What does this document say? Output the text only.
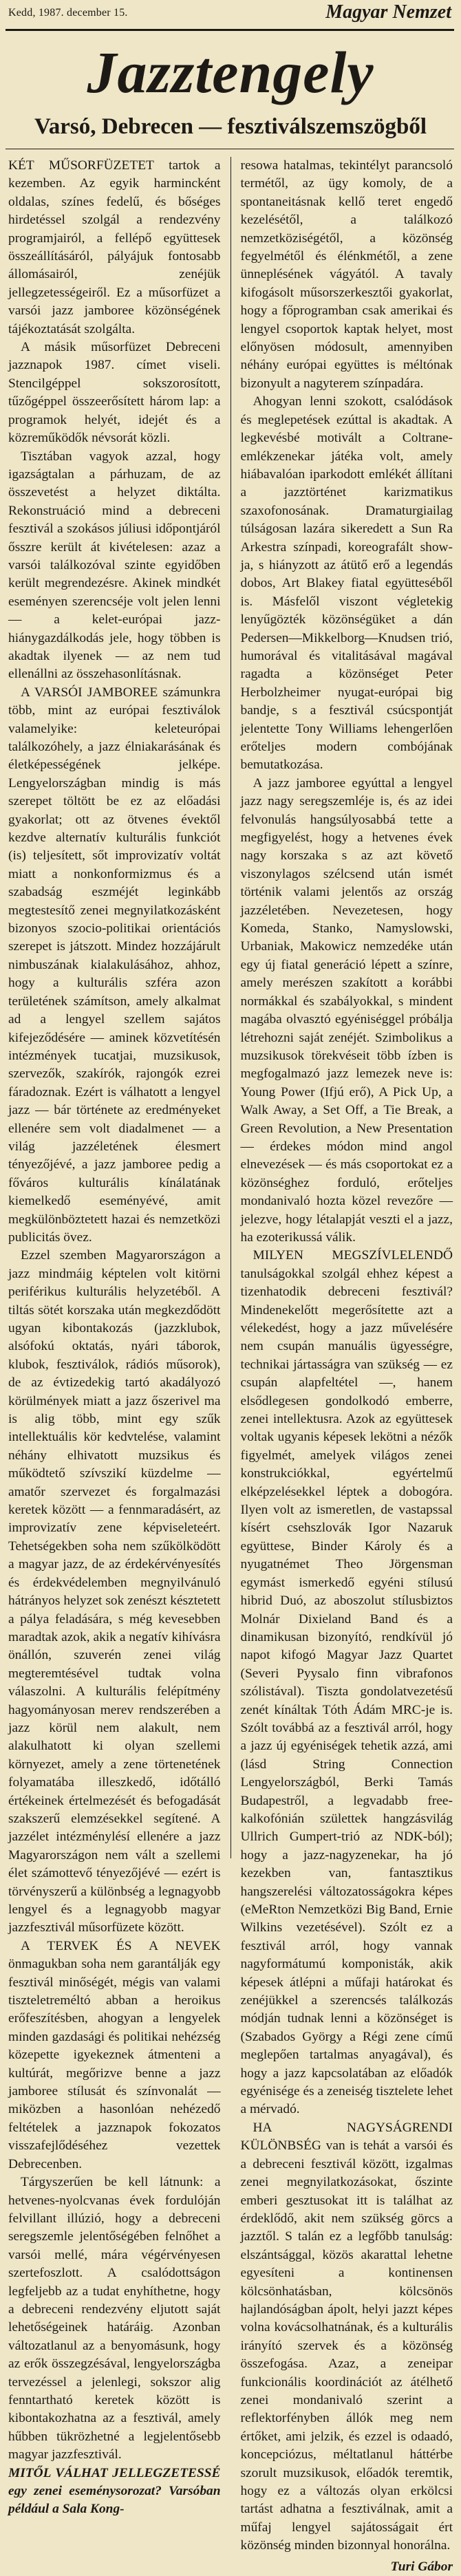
Kedd, 1987. december 15.	Magyar Nemzet
Jazztengely
Varsó, Debrecen — fesztiválszemszögből

KÉT MŰSORFÜZETET tartok a kezemben. Az egyik harmincként oldalas, színes fedelű, és bőséges hirdetéssel szolgál a rendezvény programjairól, a fellépő együttesek összeállításáról, pályájuk fontosabb állomásairól, zenéjük jellegzetességeiről. Ez a műsorfüzet a varsói jazz jamboree közönségének tájékoztatását szolgálta.

A másik műsorfüzet Debreceni jazznapok 1987. címet viseli. Stencilgéppel sokszorosított, tűzőgéppel összeerősített három lap: a programok helyét, idejét és a közreműködők névsorát közli.

Tisztában vagyok azzal, hogy igazságtalan a párhuzam, de az összevetést a helyzet diktálta. Rekonstruáció mind a debreceni fesztivál a szokásos júliusi időpontjáról ősszre került át kivételesen: azaz a varsói találkozóval szinte egyidőben került megrendezésre. Akinek mindkét eseményen szerencséje volt jelen lenni — a kelet-európai jazz-hiánygazdálkodás jele, hogy többen is akadtak ilyenek — az nem tud ellenállni az összehasonlításnak.

A VARSÓI JAMBOREE számunkra több, mint az európai fesztiválok valamelyike: keleteurópai találkozóhely, a jazz élniakarásának és életképességének jelképe. Lengyelországban mindig is más szerepet töltött be ez az előadási gyakorlat; ott az ötvenes évektől kezdve alternatív kulturális funkciót (is) teljesített, sőt improvizatív voltát miatt a nonkonformizmus és a szabadság eszméjét leginkább megtestesítő zenei megnyilatkozásként bizonyos szocio-politikai orientációs szerepet is játszott. Mindez hozzájárult nimbuszának kialakulásához, ahhoz, hogy a kulturális szféra azon területének számítson, amely alkalmat ad a lengyel szellem sajátos kifejeződésére — aminek közvetítésén intézmények tucatjai, muzsikusok, szervezők, szakírók, rajongók ezrei fáradoznak. Ezért is válhatott a lengyel jazz — bár története az eredményeket ellenére sem volt diadalmenet — a világ jazzéletének élesmert tényezőjévé, a jazz jamboree pedig a főváros kulturális kínálatának kiemelkedő eseményévé, amit megkülönböztetett hazai és nemzetközi publicitás övez.

Ezzel szemben Magyarországon a jazz mindmáig képtelen volt kitörni periférikus kulturális helyzetéből. A tiltás sötét korszaka után megkezdődött ugyan kibontakozás (jazzklubok, alsófokú oktatás, nyári táborok, klubok, fesztiválok, rádiós műsorok), de az évtizedekig tartó akadályozó körülmények miatt a jazz őszerivel ma is alig több, mint egy szűk intellektuális kör kedvtelése, valamint néhány elhivatott muzsikus és működtető szívszikí küzdelme — amatőr szervezet és forgalmazási keretek között — a fennmaradásért, az improvizatív zene képviseleteért. Tehetségekben soha nem szűkölködött a magyar jazz, de az érdekérvényesítés és érdekvédelemben megnyilvánuló hátrányos helyzet sok zenészt késztetett a pálya feladására, s még kevesebben maradtak azok, akik a negatív kihívásra önállón, szuverén zenei világ megteremtésével tudtak volna válaszolni. A kulturális felépítmény hagyományosan merev rendszerében a jazz körül nem alakult, nem alakulhatott ki olyan szellemi környezet, amely a zene törtenetének folyamatába illeszkedő, időtálló értékeinek értelmezését és befogadását szakszerű elemzésekkel segítené. A jazzélet intézménylésí ellenére a jazz Magyarországon nem vált a szellemi élet számottevő tényezőjévé — ezért is törvényszerű a különbség a legnagyobb lengyel és a legnagyobb magyar jazzfesztivál műsorfüzete között.

A TERVEK ÉS A NEVEK önmagukban soha nem garantálják egy fesztivál minőségét, mégis van valami tiszteletreméltó abban a heroikus erőfeszítésben, ahogyan a lengyelek minden gazdasági és politikai nehézség közepette igyekeznek átmenteni a kultúrát, megőrizve benne a jazz jamboree stílusát és színvonalát — miközben a hasonlóan nehézedő feltételek a jazznapok fokozatos visszafejlődéséhez vezettek Debrecenben.

Tárgyszerűen be kell látnunk: a hetvenes-nyolcvanas évek fordulóján felvillant illúzió, hogy a debreceni seregszemle jelentőségében felnőhet a varsói mellé, mára végérvényesen szertefoszlott. A csalódottságon legfeljebb az a tudat enyhíthetne, hogy a debreceni rendezvény eljutott saját lehetőségeinek határáig. Azonban változatlanul az a benyomásunk, hogy az erők összegzésával, lengyelországba tervezéssel a jelenlegi, sokszor alig fenntartható keretek között is kibontakozhatna az a fesztivál, amely hűbben tükrözhetné a legjelentősebb magyar jazzfesztivál.

MITŐL VÁLHAT JELLEGZETESSÉ egy zenei eseménysorozat? Varsóban például a Sala Kong-

resowa hatalmas, tekintélyt parancsoló termétől, az ügy komoly, de a spontaneitásnak kellő teret engedő kezelésétől, a találkozó nemzetköziségétől, a közönség fegyelmétől és élénkmétől, a zene ünneplésének vágyától. A tavaly kifogásolt műsorszerkesztői gyakorlat, hogy a főprogramban csak amerikai és lengyel csoportok kaptak helyet, most előnyösen módosult, amennyiben néhány európai együttes is méltónak bizonyult a nagyterem színpadára.

Ahogyan lenni szokott, csalódások és meglepetések ezúttal is akadtak. A legkevésbé motivált a Coltrane-emlékzenekar játéka volt, amely hiábavalóan iparkodott emlékét állítani a jazztörténet karizmatikus szaxofonosának. Dramaturgiailag túlságosan lazára sikeredett a Sun Ra Arkestra színpadi, koreografált show-ja, s hiányzott az átütő erő a legendás dobos, Art Blakey fiatal együtteséből is. Másfelől viszont végletekig lenyűgözték közönségüket a dán Pedersen—Mikkelborg—Knudsen trió, humorával és vitalitásával magával ragadta a közönséget Peter Herbolzheimer nyugat-európai big bandje, s a fesztivál csúcspontját jelentette Tony Williams lehengerlően erőteljes modern combójának bemutatkozása.

A jazz jamboree egyúttal a lengyel jazz nagy seregszemléje is, és az idei felvonulás hangsúlyosabbá tette a megfigyelést, hogy a hetvenes évek nagy korszaka s az azt követő viszonylagos szélcsend után ismét történik valami jelentős az ország jazzéletében. Nevezetesen, hogy Komeda, Stanko, Namyslowski, Urbaniak, Makowicz nemzedéke után egy új fiatal generáció lépett a színre, amely merészen szakított a korábbi normákkal és szabályokkal, s mindent magába olvasztó egyéniséggel próbálja létrehozni saját zenéjét. Szimbolikus a muzsikusok törekvéseit több ízben is megfogalmazó jazz lemezek neve is: Young Power (Ifjú erő), A Pick Up, a Walk Away, a Set Off, a Tie Break, a Green Revolution, a New Presentation — érdekes módon mind angol elnevezések — és más csoportokat ez a közönséghez forduló, erőteljes mondanivaló hozta közel revezőre — jelezve, hogy létalapját veszti el a jazz, ha ezoterikussá válik.

MILYEN MEGSZÍVLELENDŐ tanulságokkal szolgál ehhez képest a tizenhatodik debreceni fesztivál? Mindenekelőtt megerősítette azt a vélekedést, hogy a jazz művelésére nem csupán manuális ügyességre, technikai jártasságra van szükség — ez csupán alapfeltétel —, hanem elsődlegesen gondolkodó emberre, zenei intellektusra. Azok az együttesek voltak ugyanis képesek lekötni a nézők figyelmét, amelyek világos zenei konstrukciókkal, egyértelmű elképzelésekkel léptek a dobogóra. Ilyen volt az ismeretlen, de vastapssal kísért csehszlovák Igor Nazaruk együttese, Binder Károly és a nyugatnémet Theo Jörgensman egymást ismerkedő egyéni stílusú hibrid Duó, az aboszolut stílusbiztos Molnár Dixieland Band és a dinamikusan bizonyító, rendkívül jó napot kifogó Magyar Jazz Quartet (Severi Pyysalo finn vibrafonos szólistával). Tiszta gondolatvezetésű zenét kínáltak Tóth Ádám MRC-je is. Szólt továbbá az a fesztivál arról, hogy a jazz új egyéniségek tehetik azzá, ami (lásd String Connection Lengyelországból, Berki Tamás Budapestről, a legvadabb free-kalkofónián születtek hangzásvilág Ullrich Gumpert-trió az NDK-ból); hogy a jazz-nagyzenekar, ha jó kezekben van, fantasztikus hangszerelési változatosságokra képes (eMeRton Nemzetközi Big Band, Ernie Wilkins vezetésével). Szólt ez a fesztivál arról, hogy vannak nagyformátumú komponisták, akik képesek átlépni a műfaji határokat és zenéjükkel a szerencsés találkozás módján tudnak lenni a közönséget is (Szabados György a Régi zene című meglepően tartalmas anyagával), és hogy a jazz kapcsolatában az előadók egyénisége és a zeneiség tisztelete lehet a mérvadó.

HA NAGYSÁGRENDI KÜLÖNBSÉG van is tehát a varsói és a debreceni fesztivál között, izgalmas zenei megnyilatkozásokat, őszinte emberi gesztusokat itt is találhat az érdeklődő, akit nem szükség görcs a jazztől. S talán ez a legfőbb tanulság: elszántsággal, közös akarattal lehetne egyesíteni a kontinensen kölcsönhatásban, kölcsönös hajlandóságban ápolt, helyi jazzt képes volna kovácsolhatnának, és a kulturális irányító szervek és a közönség összefogása. Azaz, a zeneipar funkcionális koordinációt az átélhető zenei mondanivaló szerint a reflektorfényben állók meg nem értőket, ami jelzik, és ezzel is odaadó, koncepciózus, méltatlanul háttérbe szorult muzsikusok, előadók teremtik, hogy ez a változás olyan erkölcsi tartást adhatna a fesztiválnak, amit a műfaj lengyel sajátosságait ért közönség minden bizonnyal honorálna.

Turi Gábor
